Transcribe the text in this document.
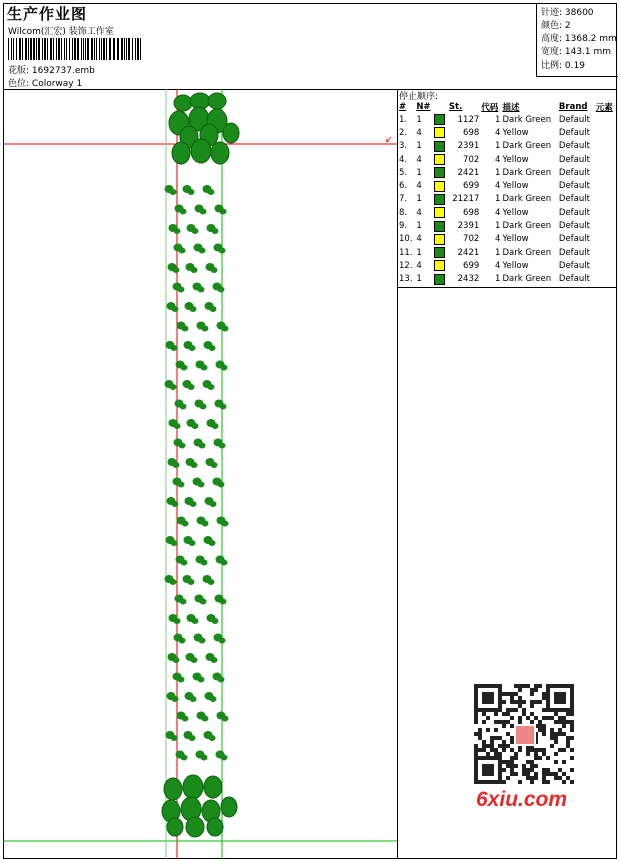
生产作业图
Wilcom(汇宏) 装饰工作室
花版: 1692737.emb
色位: Colorway 1
针迹: 38600
颜色: 2
高度: 1368.2 mm
宽度: 143.1 mm
比例: 0.19
↙
停止顺序:
#	N#		St.	代码	描述	Brand	元素
1.	1		1127	1	Dark Green	Default	
2.	4		698	4	Yellow	Default	
3.	1		2391	1	Dark Green	Default	
4.	4		702	4	Yellow	Default	
5.	1		2421	1	Dark Green	Default	
6.	4		699	4	Yellow	Default	
7.	1		21217	1	Dark Green	Default	
8.	4		698	4	Yellow	Default	
9.	1		2391	1	Dark Green	Default	
10.	4		702	4	Yellow	Default	
11.	1		2421	1	Dark Green	Default	
12.	4		699	4	Yellow	Default	
13.	1		2432	1	Dark Green	Default	
6xiu.com
